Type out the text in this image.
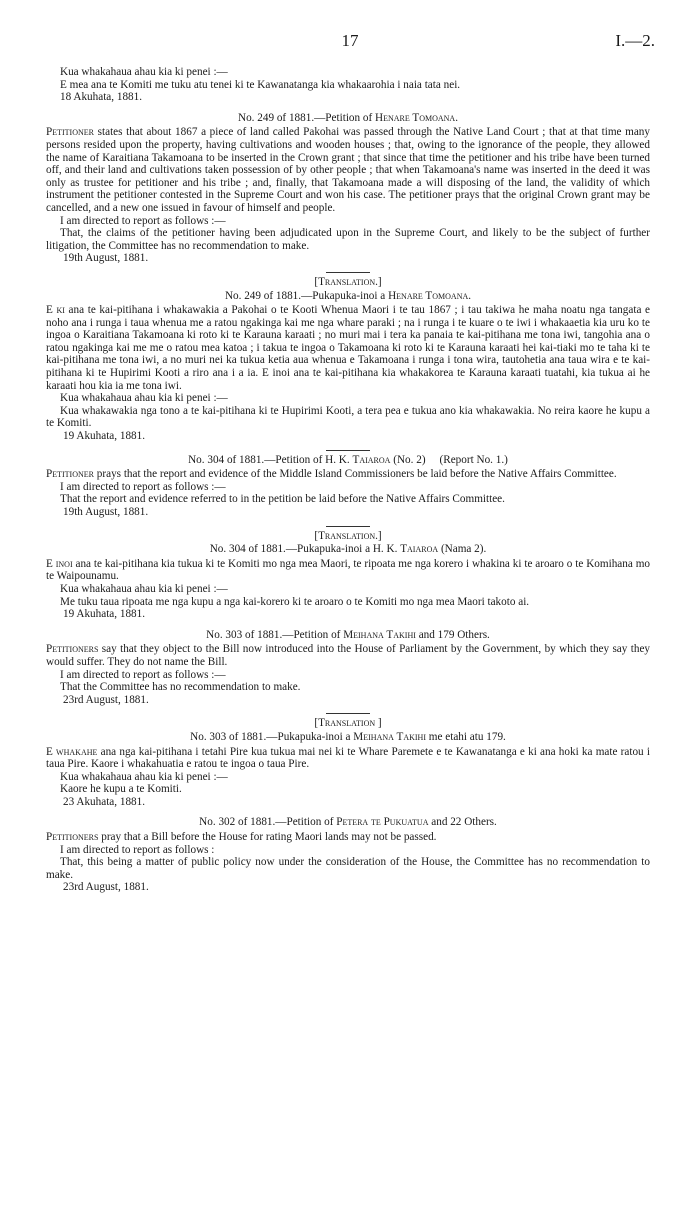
17	I.—2.

Kua whakahaua ahau kia ki penei :—

E mea ana te Komiti me tuku atu tenei ki te Kawanatanga kia whakaarohia i naia tata nei.

18 Akuhata, 1881.

No. 249 of 1881.—Petition of Henare Tomoana.

Petitioner states that about 1867 a piece of land called Pakohai was passed through the Native Land Court ; that at that time many persons resided upon the property, having cultivations and wooden houses ; that, owing to the ignorance of the people, they allowed the name of Karaitiana Takamoana to be inserted in the Crown grant ; that since that time the petitioner and his tribe have been turned off, and their land and cultivations taken possession of by other people ; that when Takamoana's name was inserted in the deed it was only as trustee for petitioner and his tribe ; and, finally, that Takamoana made a will disposing of the land, the validity of which instrument the petitioner contested in the Supreme Court and won his case. The petitioner prays that the original Crown grant may be cancelled, and a new one issued in favour of himself and people.

I am directed to report as follows :—

That, the claims of the petitioner having been adjudicated upon in the Supreme Court, and likely to be the subject of further litigation, the Committee has no recommendation to make.

19th August, 1881.

[Translation.]

No. 249 of 1881.—Pukapuka-inoi a Henare Tomoana.

E ki ana te kai-pitihana i whakawakia a Pakohai o te Kooti Whenua Maori i te tau 1867 ; i tau takiwa he maha noatu nga tangata e noho ana i runga i taua whenua me a ratou ngakinga kai me nga whare paraki ; na i runga i te kuare o te iwi i whakaaetia kia uru ko te ingoa o Karaitiana Takamoana ki roto ki te Karauna karaati ; no muri mai i tera ka panaia te kai-pitihana me tona iwi, tangohia ana o ratou ngakinga kai me me o ratou mea katoa ; i takua te ingoa o Takamoana ki roto ki te Karauna karaati hei kai-tiaki mo te taha ki te kai-pitihana me tona iwi, a no muri nei ka tukua ketia aua whenua e Takamoana i runga i tona wira, tautohetia ana taua wira e te kai-pitihana ki te Hupirimi Kooti a riro ana i a ia. E inoi ana te kai-pitihana kia whakakorea te Karauna karaati tuatahi, kia tukua ai he karaati hou kia ia me tona iwi.

Kua whakahaua ahau kia ki penei :—

Kua whakawakia nga tono a te kai-pitihana ki te Hupirimi Kooti, a tera pea e tukua ano kia whakawakia. No reira kaore he kupu a te Komiti.

19 Akuhata, 1881.

No. 304 of 1881.—Petition of H. K. Taiaroa (No. 2)     (Report No. 1.)

Petitioner prays that the report and evidence of the Middle Island Commissioners be laid before the Native Affairs Committee.

I am directed to report as follows :—

That the report and evidence referred to in the petition be laid before the Native Affairs Committee.

19th August, 1881.

[Translation.]

No. 304 of 1881.—Pukapuka-inoi a H. K. Taiaroa (Nama 2).

E inoi ana te kai-pitihana kia tukua ki te Komiti mo nga mea Maori, te ripoata me nga korero i whakina ki te aroaro o te Komihana mo te Waipounamu.

Kua whakahaua ahau kia ki penei :—

Me tuku taua ripoata me nga kupu a nga kai-korero ki te aroaro o te Komiti mo nga mea Maori takoto ai.

19 Akuhata, 1881.

No. 303 of 1881.—Petition of Meihana Takihi and 179 Others.

Petitioners say that they object to the Bill now introduced into the House of Parliament by the Government, by which they say they would suffer. They do not name the Bill.

I am directed to report as follows :—

That the Committee has no recommendation to make.

23rd August, 1881.

[Translation ]

No. 303 of 1881.—Pukapuka-inoi a Meihana Takihi me etahi atu 179.

E whakahe ana nga kai-pitihana i tetahi Pire kua tukua mai nei ki te Whare Paremete e te Kawanatanga e ki ana hoki ka mate ratou i taua Pire. Kaore i whakahuatia e ratou te ingoa o taua Pire.

Kua whakahaua ahau kia ki penei :—

Kaore he kupu a te Komiti.

23 Akuhata, 1881.

No. 302 of 1881.—Petition of Petera te Pukuatua and 22 Others.

Petitioners pray that a Bill before the House for rating Maori lands may not be passed.

I am directed to report as follows :

That, this being a matter of public policy now under the consideration of the House, the Committee has no recommendation to make.

23rd August, 1881.
